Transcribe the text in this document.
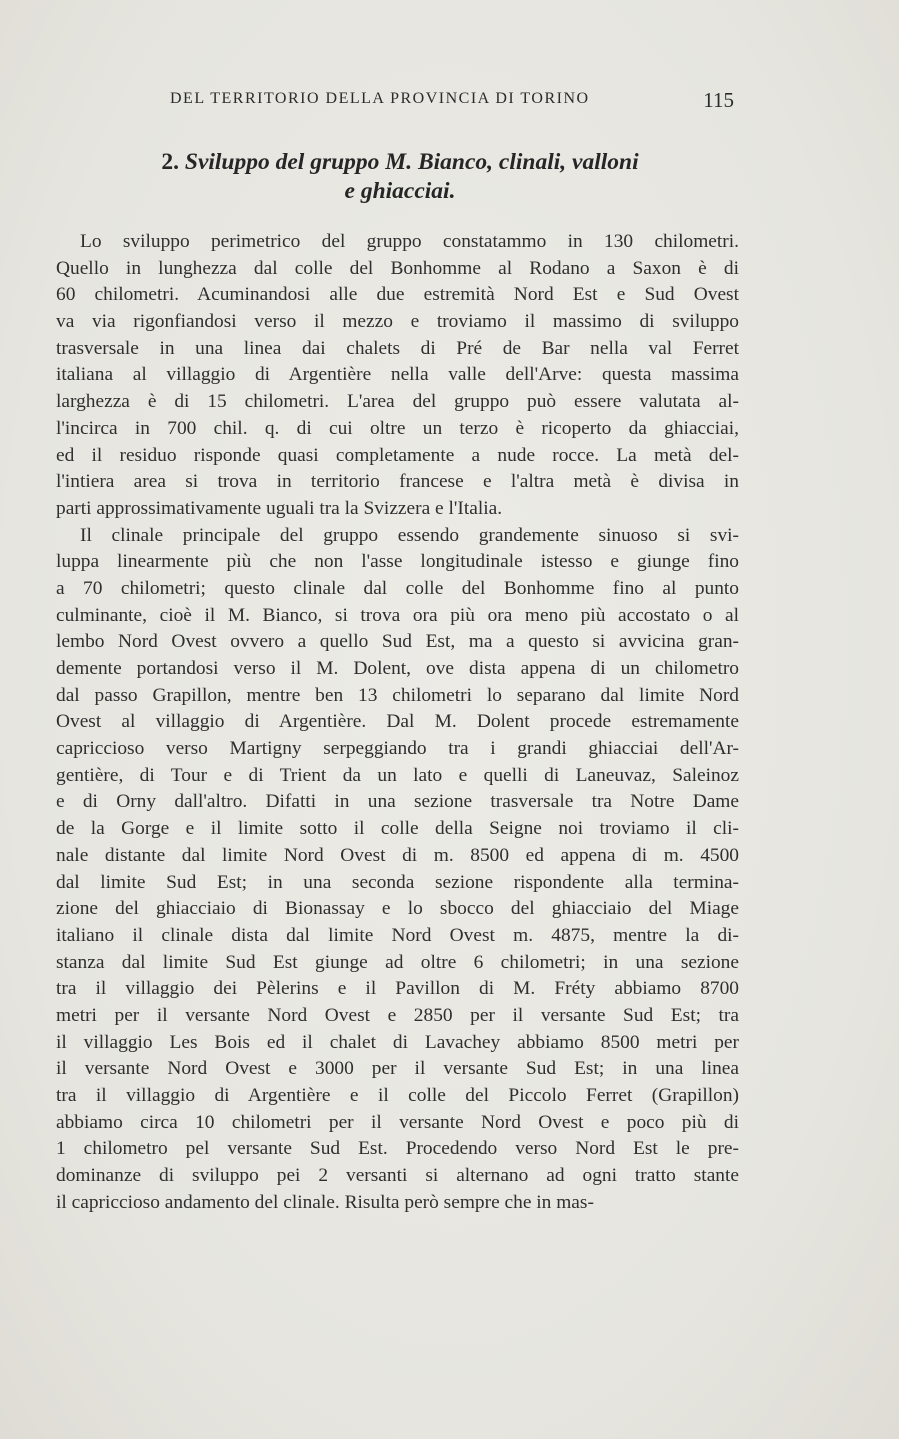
DEL TERRITORIO DELLA PROVINCIA DI TORINO	115
2. Sviluppo del gruppo M. Bianco, clinali, valloni
e ghiacciai.
Lo sviluppo perimetrico del gruppo constatammo in 130 chilometri.
Quello in lunghezza dal colle del Bonhomme al Rodano a Saxon è di
60 chilometri. Acuminandosi alle due estremità Nord Est e Sud Ovest
va via rigonfiandosi verso il mezzo e troviamo il massimo di sviluppo
trasversale in una linea dai chalets di Pré de Bar nella val Ferret
italiana al villaggio di Argentière nella valle dell'Arve: questa massima
larghezza è di 15 chilometri. L'area del gruppo può essere valutata al-
l'incirca in 700 chil. q. di cui oltre un terzo è ricoperto da ghiacciai,
ed il residuo risponde quasi completamente a nude rocce. La metà del-
l'intiera area si trova in territorio francese e l'altra metà è divisa in
parti approssimativamente uguali tra la Svizzera e l'Italia.
Il clinale principale del gruppo essendo grandemente sinuoso si svi-
luppa linearmente più che non l'asse longitudinale istesso e giunge fino
a 70 chilometri; questo clinale dal colle del Bonhomme fino al punto
culminante, cioè il M. Bianco, si trova ora più ora meno più accostato o al
lembo Nord Ovest ovvero a quello Sud Est, ma a questo si avvicina gran-
demente portandosi verso il M. Dolent, ove dista appena di un chilometro
dal passo Grapillon, mentre ben 13 chilometri lo separano dal limite Nord
Ovest al villaggio di Argentière. Dal M. Dolent procede estremamente
capriccioso verso Martigny serpeggiando tra i grandi ghiacciai dell'Ar-
gentière, di Tour e di Trient da un lato e quelli di Laneuvaz, Saleinoz
e di Orny dall'altro. Difatti in una sezione trasversale tra Notre Dame
de la Gorge e il limite sotto il colle della Seigne noi troviamo il cli-
nale distante dal limite Nord Ovest di m. 8500 ed appena di m. 4500
dal limite Sud Est; in una seconda sezione rispondente alla termina-
zione del ghiacciaio di Bionassay e lo sbocco del ghiacciaio del Miage
italiano il clinale dista dal limite Nord Ovest m. 4875, mentre la di-
stanza dal limite Sud Est giunge ad oltre 6 chilometri; in una sezione
tra il villaggio dei Pèlerins e il Pavillon di M. Fréty abbiamo 8700
metri per il versante Nord Ovest e 2850 per il versante Sud Est; tra
il villaggio Les Bois ed il chalet di Lavachey abbiamo 8500 metri per
il versante Nord Ovest e 3000 per il versante Sud Est; in una linea
tra il villaggio di Argentière e il colle del Piccolo Ferret (Grapillon)
abbiamo circa 10 chilometri per il versante Nord Ovest e poco più di
1 chilometro pel versante Sud Est. Procedendo verso Nord Est le pre-
dominanze di sviluppo pei 2 versanti si alternano ad ogni tratto stante
il capriccioso andamento del clinale. Risulta però sempre che in mas-
